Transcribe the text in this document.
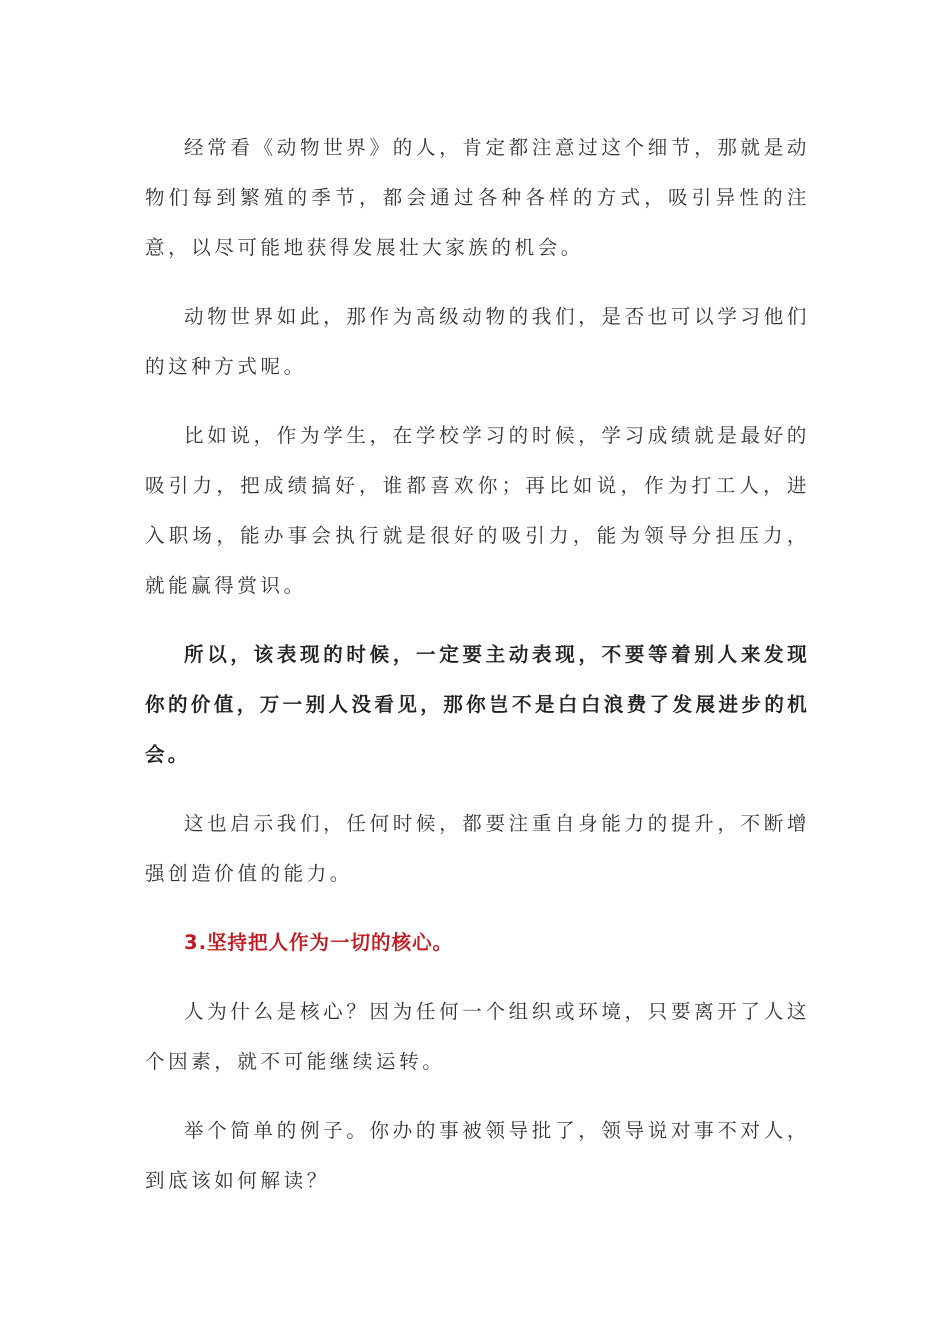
经常看《动物世界》的人，肯定都注意过这个细节，那就是动物们每到繁殖的季节，都会通过各种各样的方式，吸引异性的注意，以尽可能地获得发展壮大家族的机会。

动物世界如此，那作为高级动物的我们，是否也可以学习他们的这种方式呢。

比如说，作为学生，在学校学习的时候，学习成绩就是最好的吸引力，把成绩搞好，谁都喜欢你；再比如说，作为打工人，进入职场，能办事会执行就是很好的吸引力，能为领导分担压力，就能赢得赏识。

所以，该表现的时候，一定要主动表现，不要等着别人来发现你的价值，万一别人没看见，那你岂不是白白浪费了发展进步的机会。

这也启示我们，任何时候，都要注重自身能力的提升，不断增强创造价值的能力。

3.坚持把人作为一切的核心。

人为什么是核心？因为任何一个组织或环境，只要离开了人这个因素，就不可能继续运转。

举个简单的例子。你办的事被领导批了，领导说对事不对人，到底该如何解读？
